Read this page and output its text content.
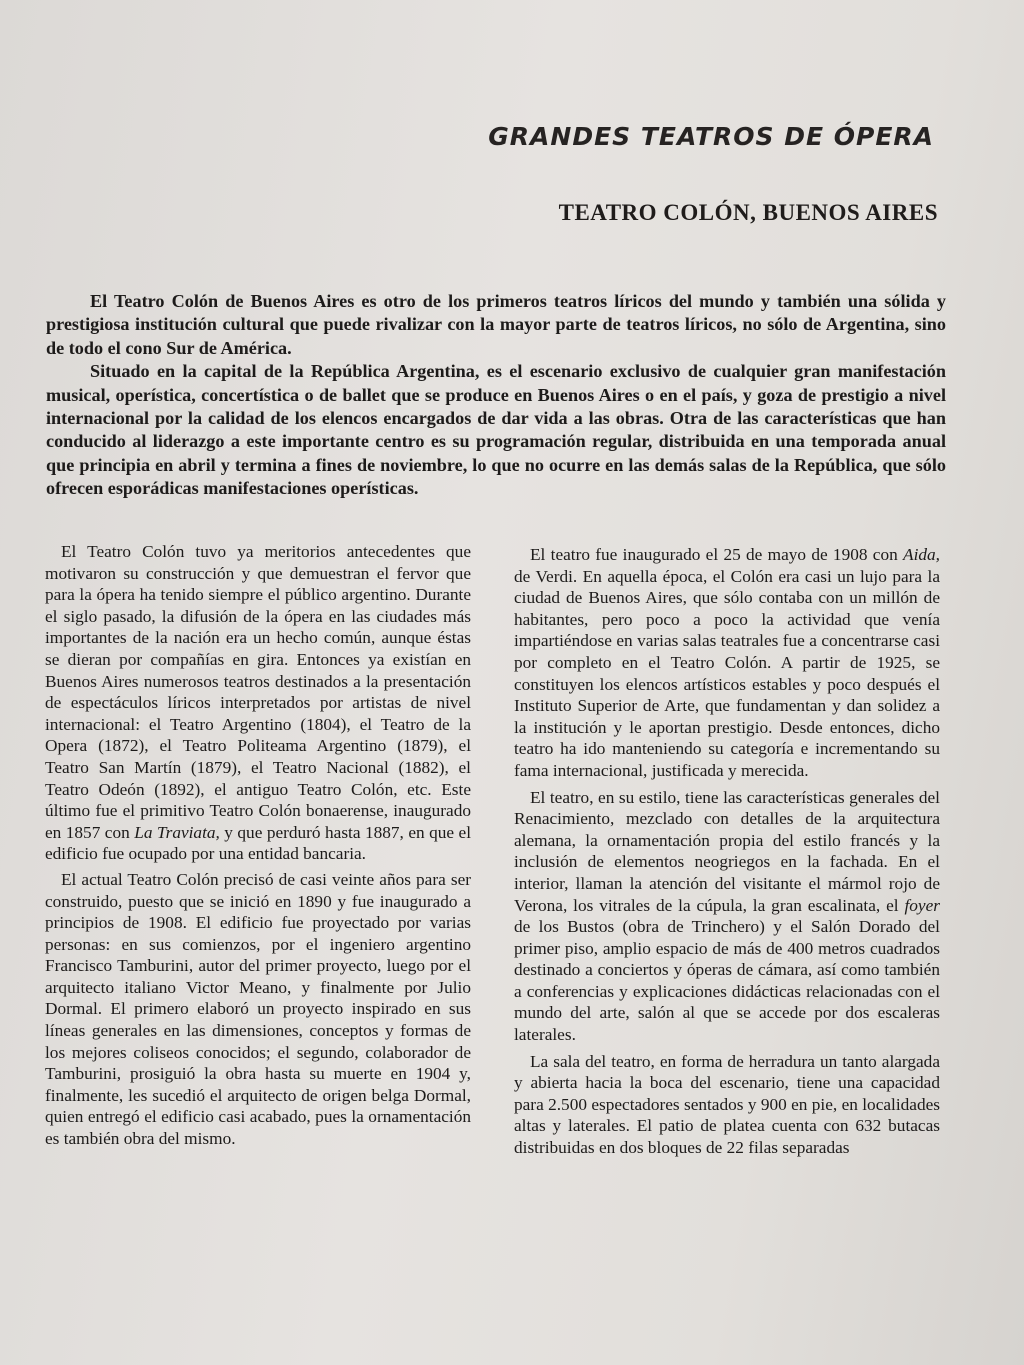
GRANDES TEATROS DE ÓPERA
TEATRO COLÓN, BUENOS AIRES

El Teatro Colón de Buenos Aires es otro de los primeros teatros líricos del mundo y también una sólida y prestigiosa institución cultural que puede rivalizar con la mayor parte de teatros líricos, no sólo de Argentina, sino de todo el cono Sur de América.

Situado en la capital de la República Argentina, es el escenario exclusivo de cualquier gran manifestación musical, operística, concertística o de ballet que se produce en Buenos Aires o en el país, y goza de prestigio a nivel internacional por la calidad de los elencos encargados de dar vida a las obras. Otra de las características que han conducido al liderazgo a este importante centro es su programación regular, distribuida en una temporada anual que principia en abril y termina a fines de noviembre, lo que no ocurre en las demás salas de la República, que sólo ofrecen esporádicas manifestaciones operísticas.

El Teatro Colón tuvo ya meritorios antecedentes que motivaron su construcción y que demuestran el fervor que para la ópera ha tenido siempre el público argentino. Durante el siglo pasado, la difusión de la ópera en las ciudades más importantes de la nación era un hecho común, aunque éstas se dieran por compañías en gira. Entonces ya existían en Buenos Aires numerosos teatros destinados a la presentación de espectáculos líricos interpretados por artistas de nivel internacional: el Teatro Argentino (1804), el Teatro de la Opera (1872), el Teatro Politeama Argentino (1879), el Teatro San Martín (1879), el Teatro Nacional (1882), el Teatro Odeón (1892), el antiguo Teatro Colón, etc. Este último fue el primitivo Teatro Colón bonaerense, inaugurado en 1857 con La Traviata, y que perduró hasta 1887, en que el edificio fue ocupado por una entidad bancaria.

El actual Teatro Colón precisó de casi veinte años para ser construido, puesto que se inició en 1890 y fue inaugurado a principios de 1908. El edificio fue proyectado por varias personas: en sus comienzos, por el ingeniero argentino Francisco Tamburini, autor del primer proyecto, luego por el arquitecto italiano Victor Meano, y finalmente por Julio Dormal. El primero elaboró un proyecto inspirado en sus líneas generales en las dimensiones, conceptos y formas de los mejores coliseos conocidos; el segundo, colaborador de Tamburini, prosiguió la obra hasta su muerte en 1904 y, finalmente, les sucedió el arquitecto de origen belga Dormal, quien entregó el edificio casi acabado, pues la ornamentación es también obra del mismo.

El teatro fue inaugurado el 25 de mayo de 1908 con Aida, de Verdi. En aquella época, el Colón era casi un lujo para la ciudad de Buenos Aires, que sólo contaba con un millón de habitantes, pero poco a poco la actividad que venía impartiéndose en varias salas teatrales fue a concentrarse casi por completo en el Teatro Colón. A partir de 1925, se constituyen los elencos artísticos estables y poco después el Instituto Superior de Arte, que fundamentan y dan solidez a la institución y le aportan prestigio. Desde entonces, dicho teatro ha ido manteniendo su categoría e incrementando su fama internacional, justificada y merecida.

El teatro, en su estilo, tiene las características generales del Renacimiento, mezclado con detalles de la arquitectura alemana, la ornamentación propia del estilo francés y la inclusión de elementos neogriegos en la fachada. En el interior, llaman la atención del visitante el mármol rojo de Verona, los vitrales de la cúpula, la gran escalinata, el foyer de los Bustos (obra de Trinchero) y el Salón Dorado del primer piso, amplio espacio de más de 400 metros cuadrados destinado a conciertos y óperas de cámara, así como también a conferencias y explicaciones didácticas relacionadas con el mundo del arte, salón al que se accede por dos escaleras laterales.

La sala del teatro, en forma de herradura un tanto alargada y abierta hacia la boca del escenario, tiene una capacidad para 2.500 espectadores sentados y 900 en pie, en localidades altas y laterales. El patio de platea cuenta con 632 butacas distribuidas en dos bloques de 22 filas separadas
